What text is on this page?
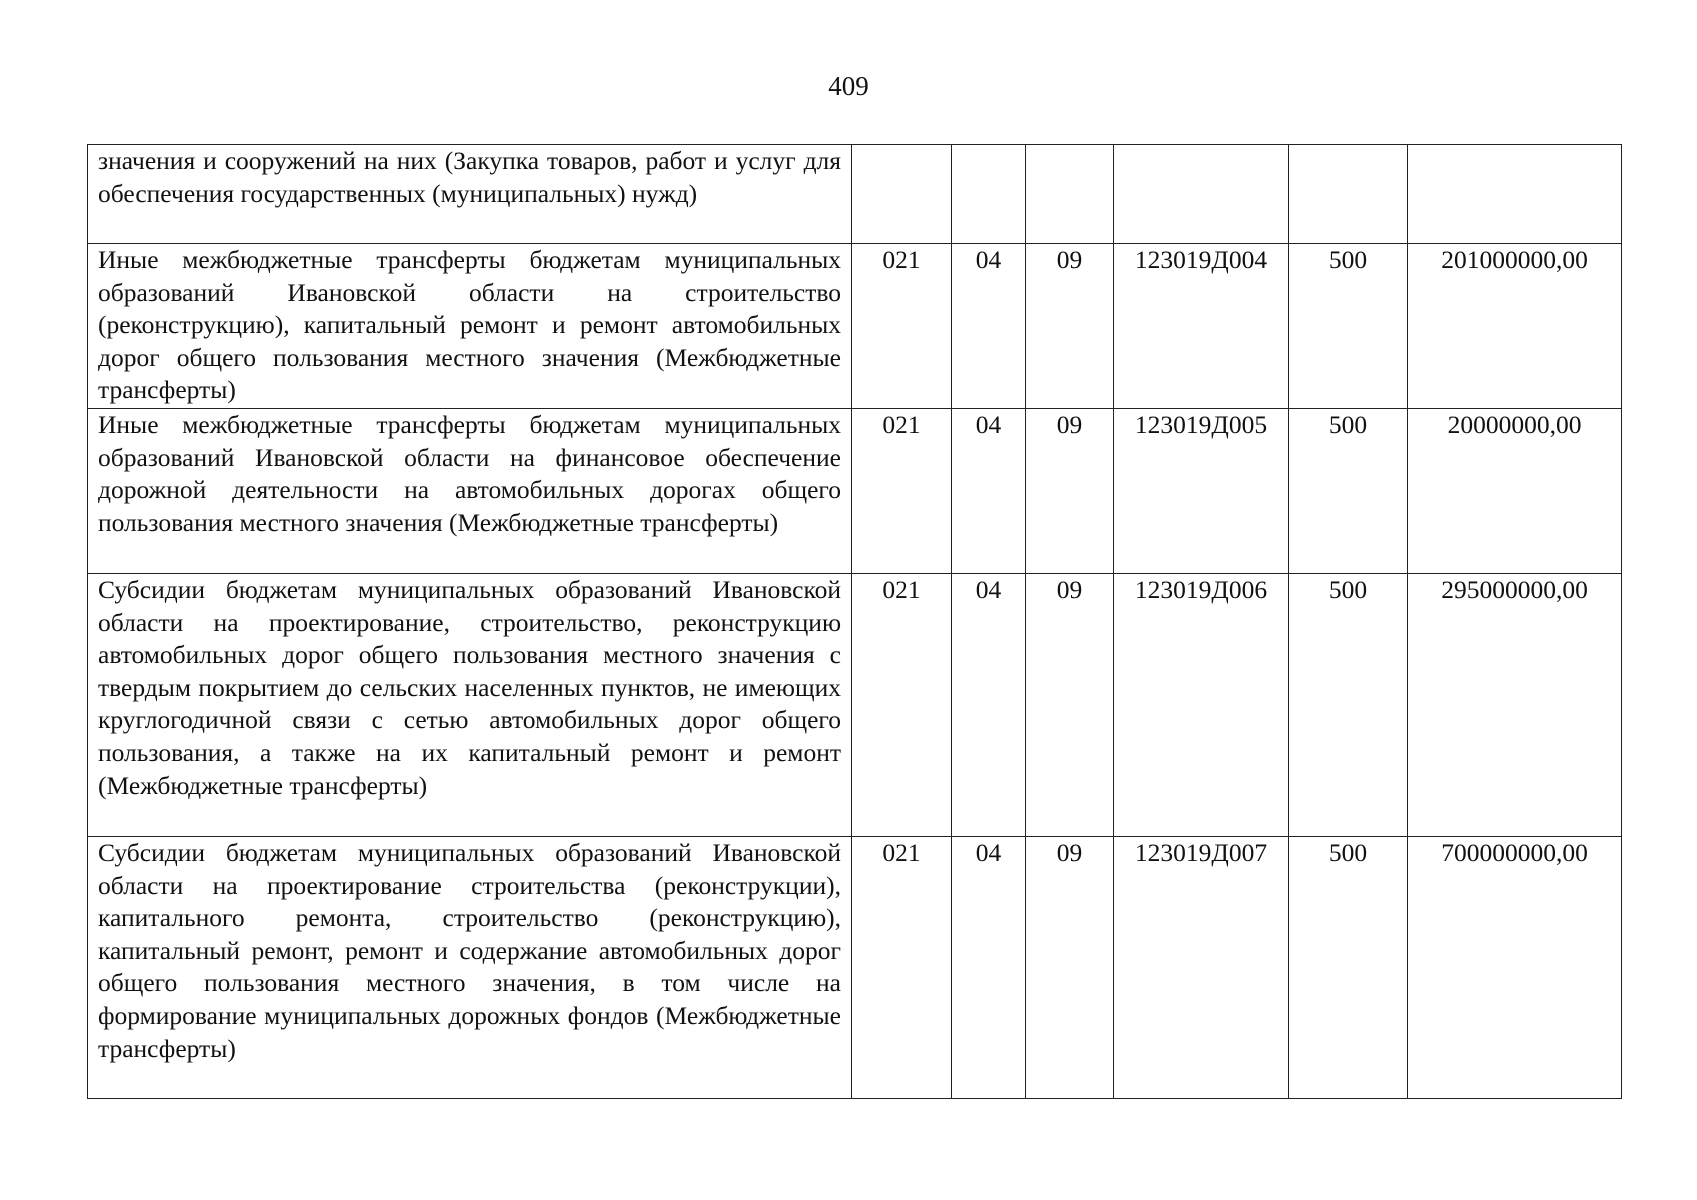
409
значения и сооружений на них (Закупка товаров, работ и услуг для обеспечения государственных (муниципальных) нужд)						
Иные межбюджетные трансферты бюджетам муниципальных образований Ивановской области на строительство (реконструкцию), капитальный ремонт и ремонт автомобильных дорог общего пользования местного значения (Межбюджетные трансферты)	021	04	09	123019Д004	500	201000000,00
Иные межбюджетные трансферты бюджетам муниципальных образований Ивановской области на финансовое обеспечение дорожной деятельности на автомобильных дорогах общего пользования местного значения (Межбюджетные трансферты)	021	04	09	123019Д005	500	20000000,00
Субсидии бюджетам муниципальных образований Ивановской области на проектирование, строительство, реконструкцию автомобильных дорог общего пользования местного значения с твердым покрытием до сельских населенных пунктов, не имеющих круглогодичной связи с сетью автомобильных дорог общего пользования, а также на их капитальный ремонт и ремонт (Межбюджетные трансферты)	021	04	09	123019Д006	500	295000000,00
Субсидии бюджетам муниципальных образований Ивановской области на проектирование строительства (реконструкции), капитального ремонта, строительство (реконструкцию), капитальный ремонт, ремонт и содержание автомобильных дорог общего пользования местного значения, в том числе на формирование муниципальных дорожных фондов (Межбюджетные трансферты)	021	04	09	123019Д007	500	700000000,00
